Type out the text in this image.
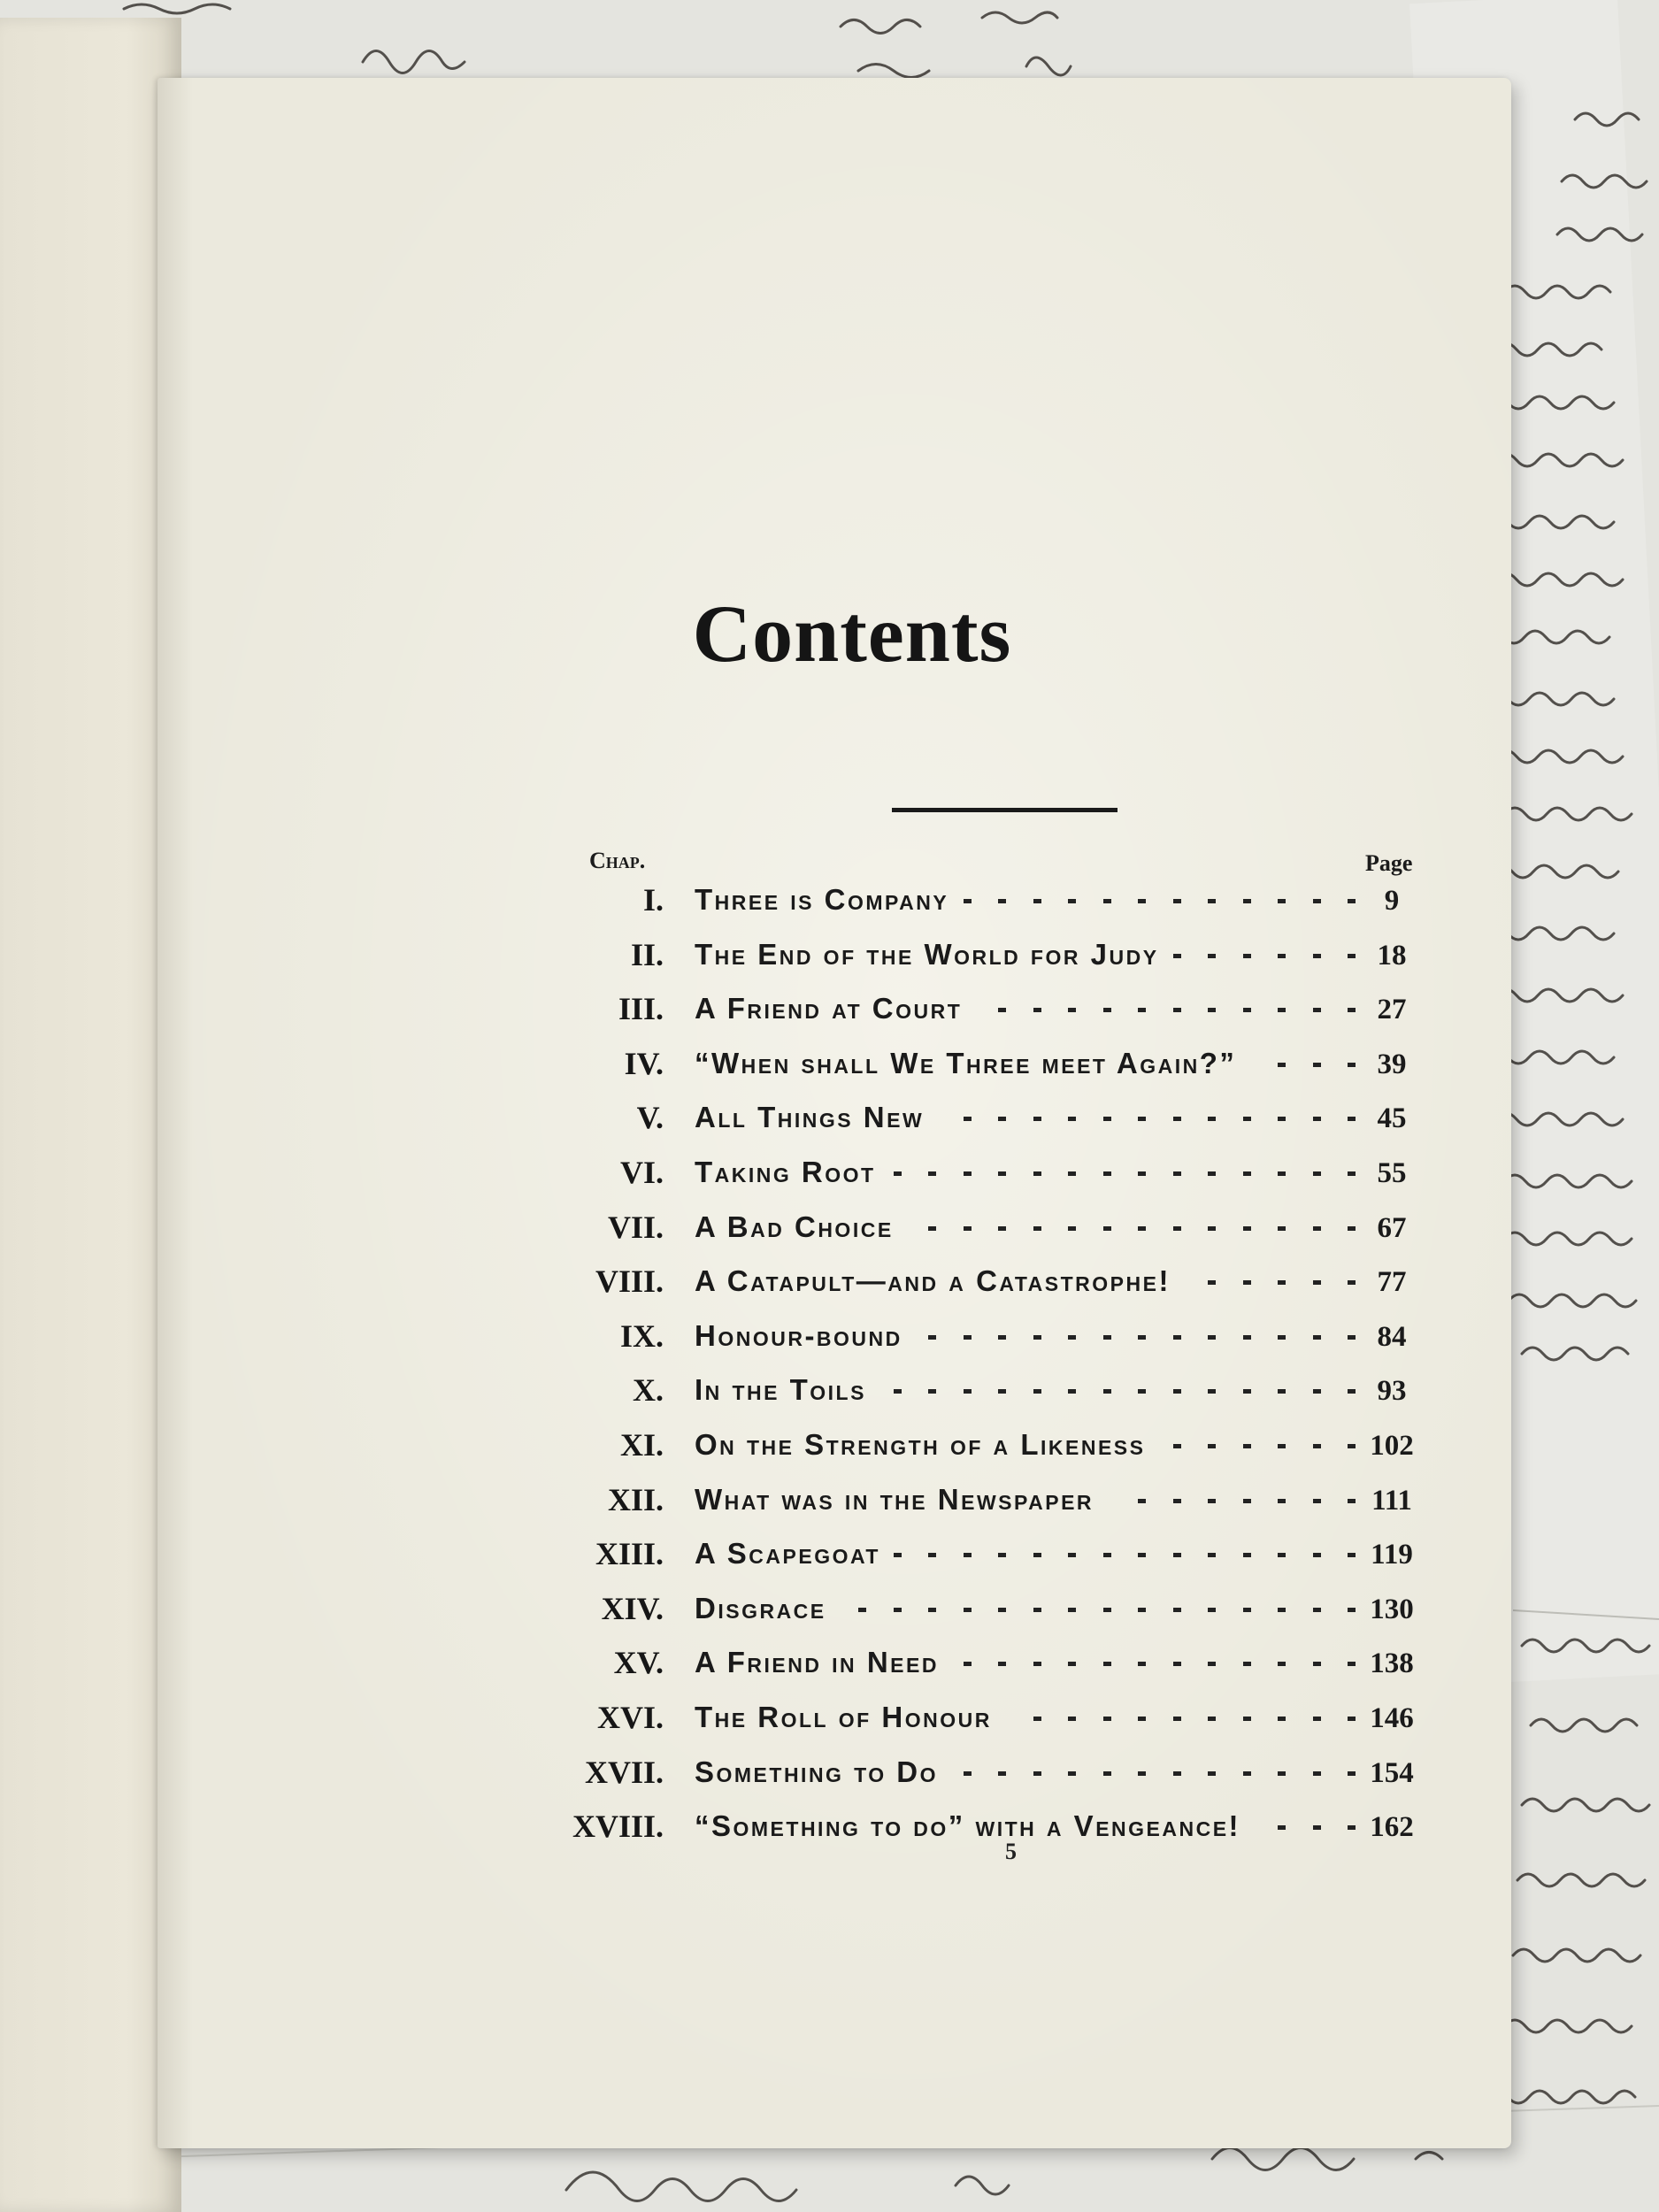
Contents
Chap.	Page
I. Three is Company	9
II. The End of the World for Judy	18
III. A Friend at Court	27
IV. “When shall We Three meet Again?”	39
V. All Things New	45
VI. Taking Root	55
VII. A Bad Choice	67
VIII. A Catapult—and a Catastrophe!	77
IX. Honour-bound	84
X. In the Toils	93
XI. On the Strength of a Likeness	102
XII. What was in the Newspaper	111
XIII. A Scapegoat	119
XIV. Disgrace	130
XV. A Friend in Need	138
XVI. The Roll of Honour	146
XVII. Something to Do	154
XVIII. “Something to do” with a Vengeance!	162
5
